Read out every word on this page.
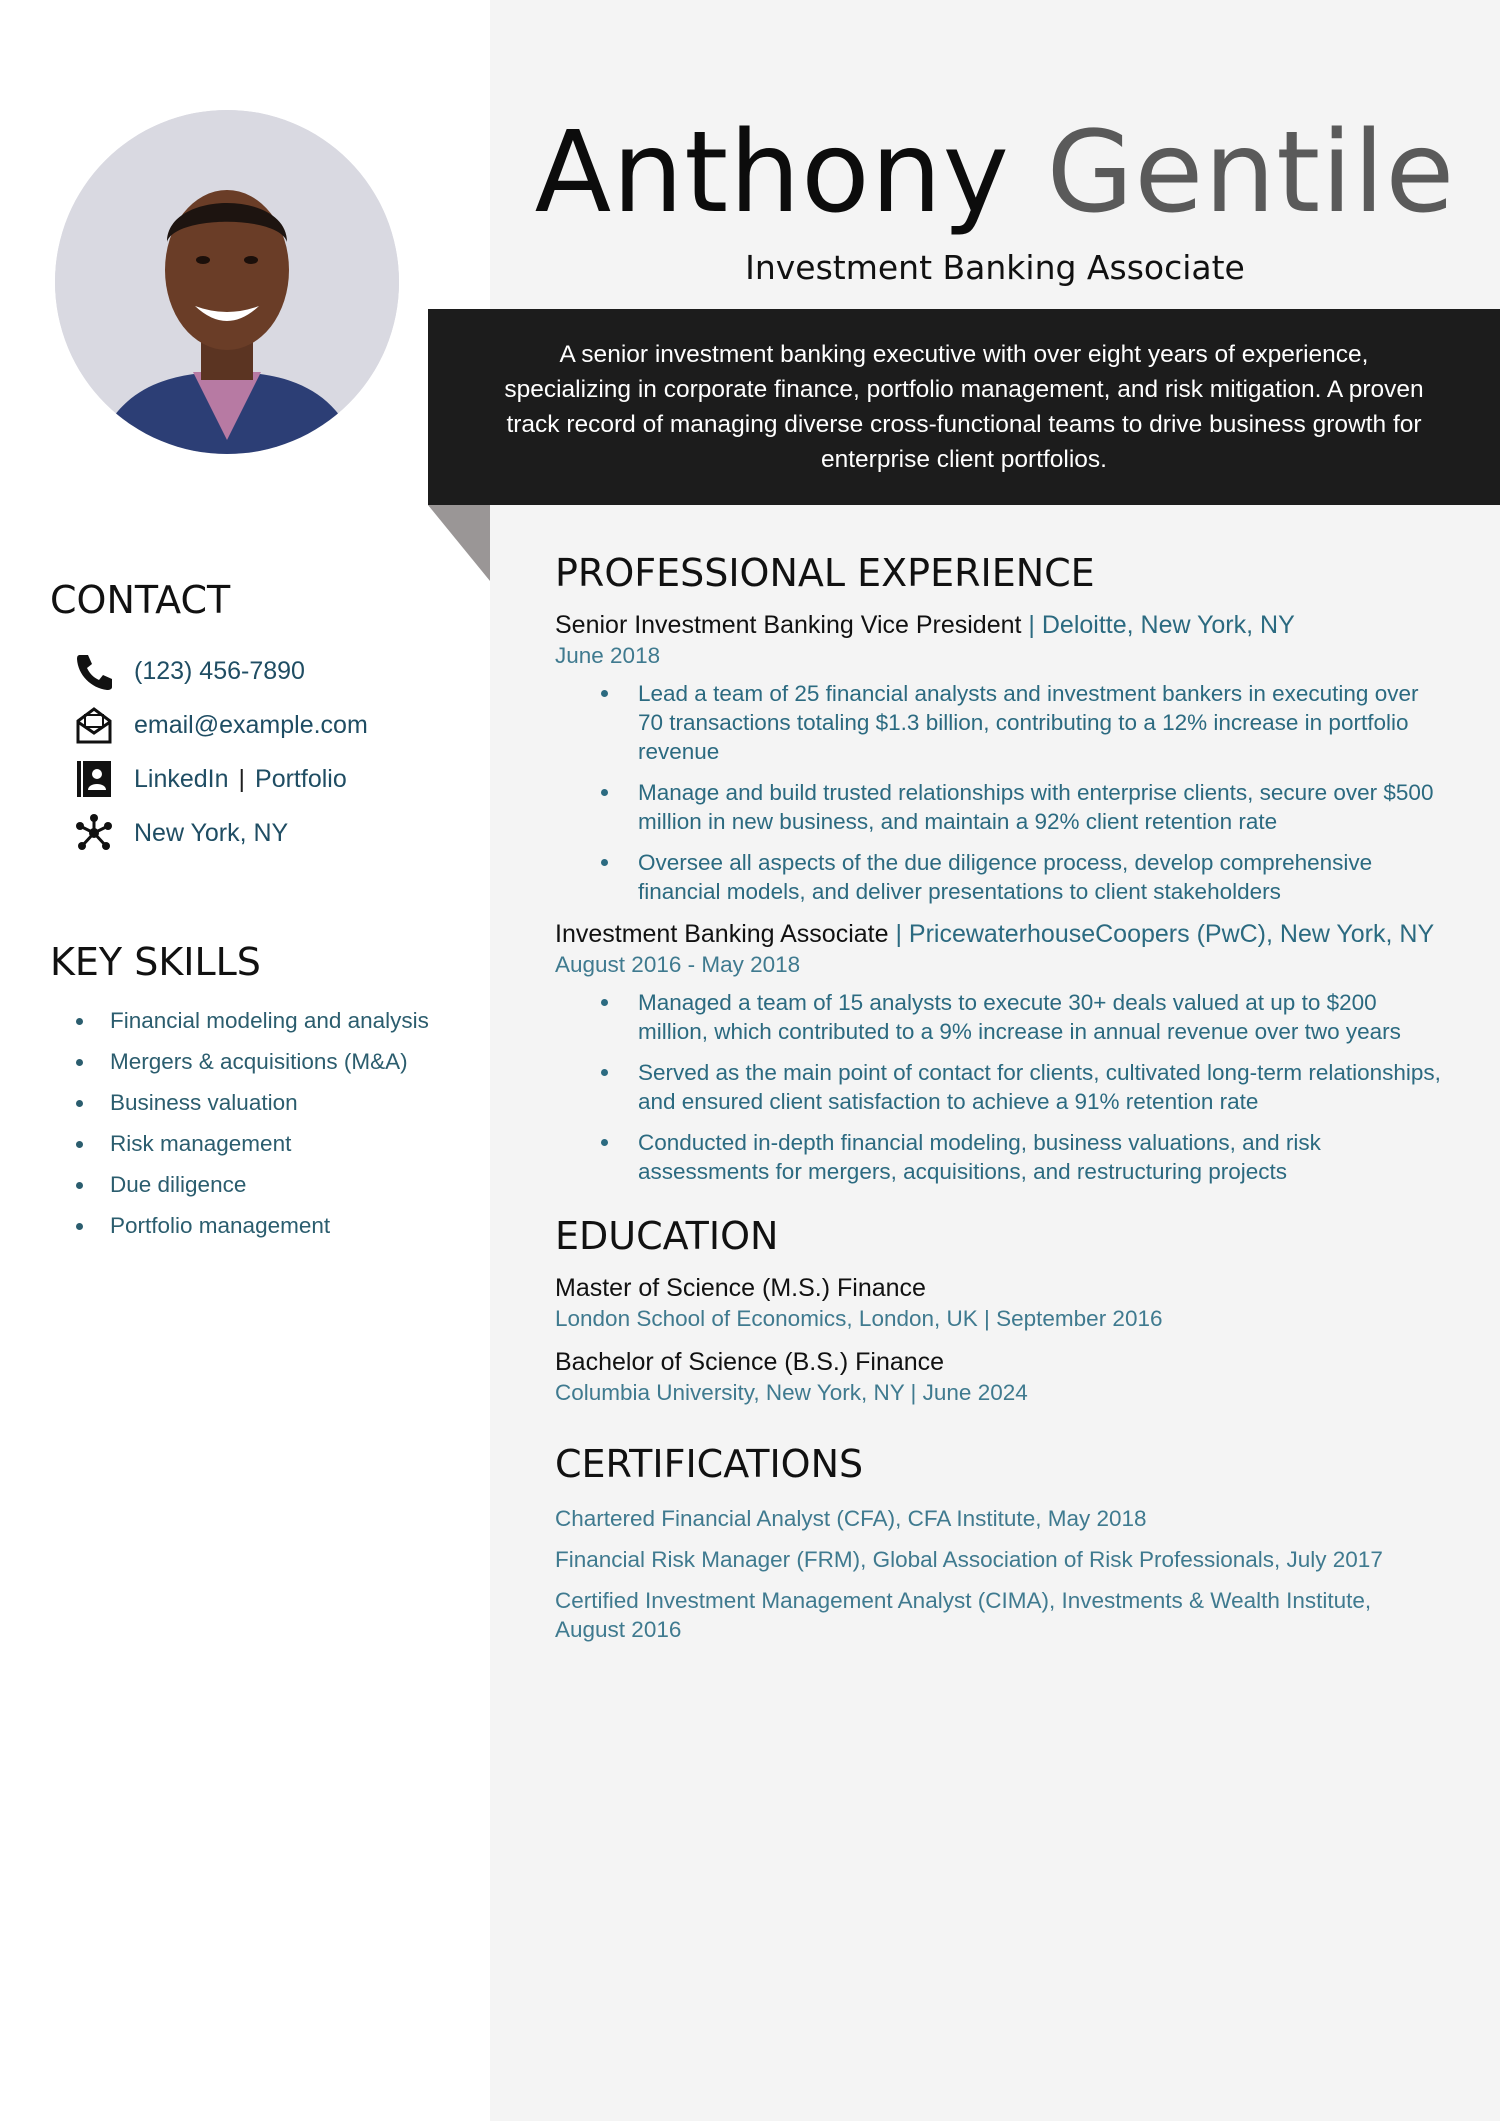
Anthony Gentile
Investment Banking Associate

A senior investment banking executive with over eight years of experience, specializing in corporate finance, portfolio management, and risk mitigation. A proven track record of managing diverse cross-functional teams to drive business growth for enterprise client portfolios.

CONTACT
(123) 456-7890
email@example.com
LinkedIn | Portfolio
New York, NY
KEY SKILLS
Financial modeling and analysis
Mergers & acquisitions (M&A)
Business valuation
Risk management
Due diligence
Portfolio management
PROFESSIONAL EXPERIENCE
Senior Investment Banking Vice President | Deloitte, New York, NY
June 2018
Lead a team of 25 financial analysts and investment bankers in executing over 70 transactions totaling $1.3 billion, contributing to a 12% increase in portfolio revenue
Manage and build trusted relationships with enterprise clients, secure over $500 million in new business, and maintain a 92% client retention rate
Oversee all aspects of the due diligence process, develop comprehensive financial models, and deliver presentations to client stakeholders
Investment Banking Associate | PricewaterhouseCoopers (PwC), New York, NY
August 2016 - May 2018
Managed a team of 15 analysts to execute 30+ deals valued at up to $200 million, which contributed to a 9% increase in annual revenue over two years
Served as the main point of contact for clients, cultivated long-term relationships, and ensured client satisfaction to achieve a 91% retention rate
Conducted in-depth financial modeling, business valuations, and risk assessments for mergers, acquisitions, and restructuring projects
EDUCATION
Master of Science (M.S.) Finance
London School of Economics, London, UK | September 2016
Bachelor of Science (B.S.) Finance
Columbia University, New York, NY | June 2024
CERTIFICATIONS
Chartered Financial Analyst (CFA), CFA Institute, May 2018
Financial Risk Manager (FRM), Global Association of Risk Professionals, July 2017
Certified Investment Management Analyst (CIMA), Investments & Wealth Institute, August 2016
